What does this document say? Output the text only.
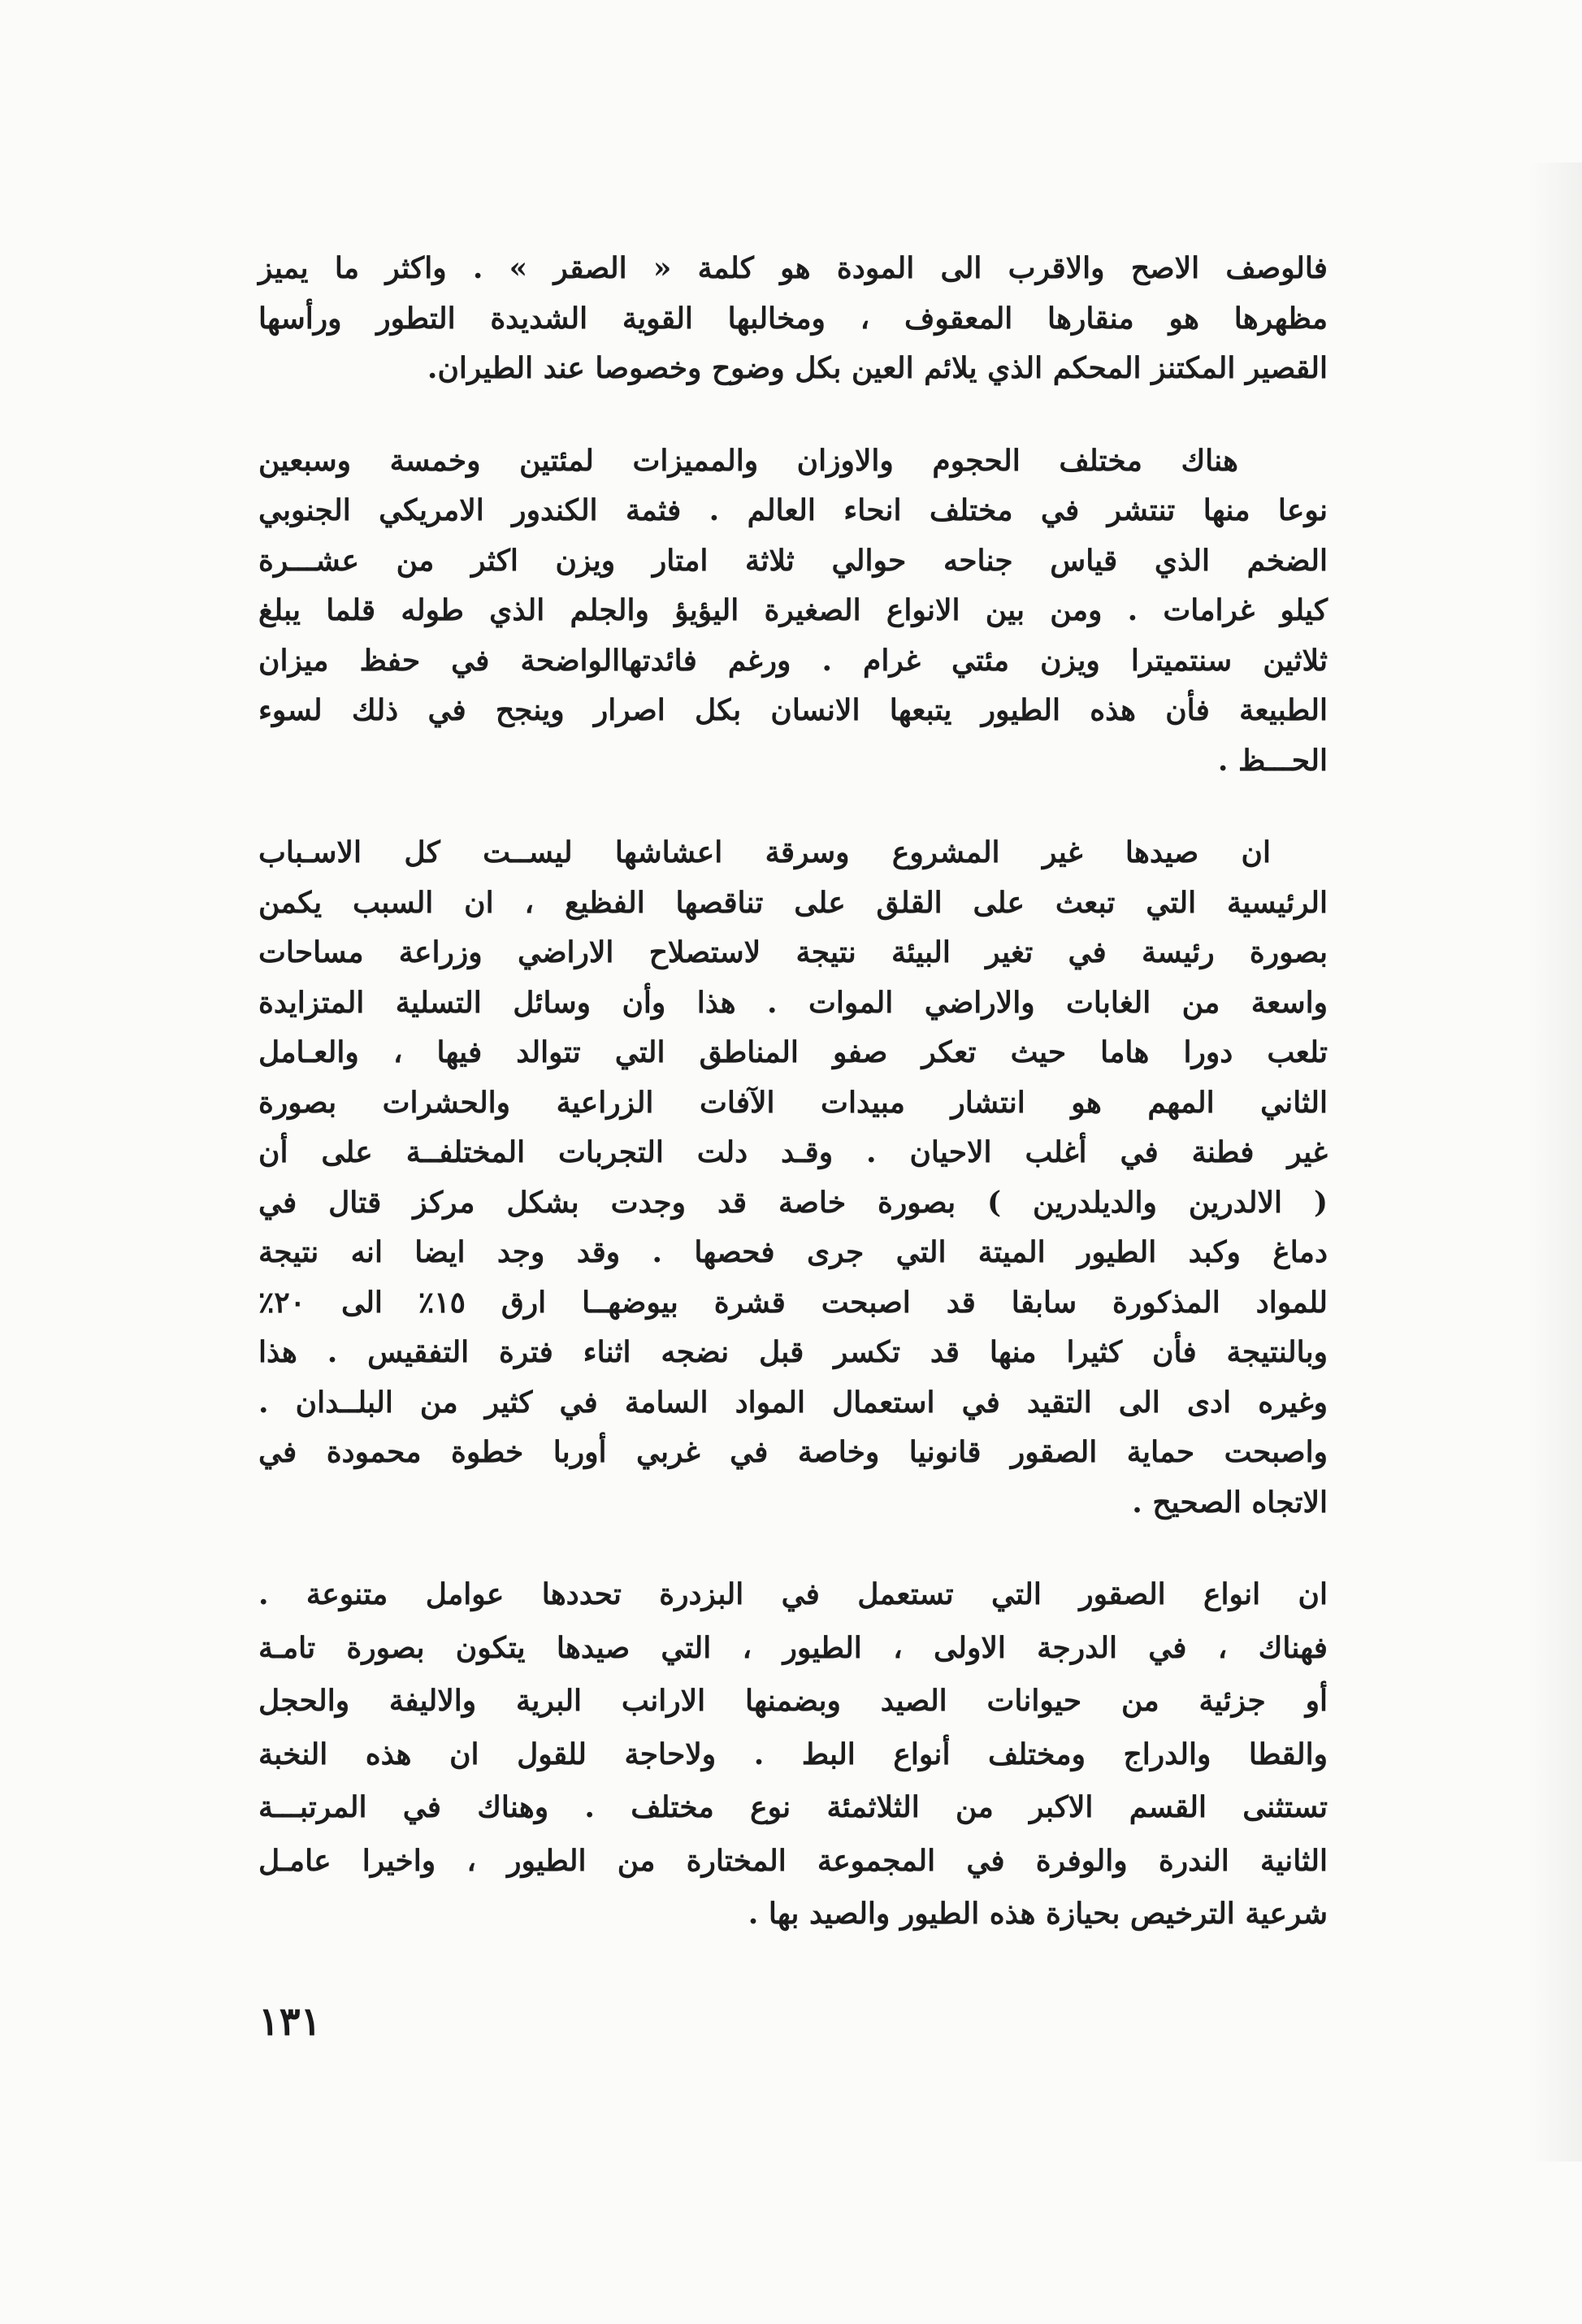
فالوصف الاصح والاقرب الى المودة هو كلمة « الصقر » . واكثر ما يميز
مظهرها هو منقارها المعقوف ، ومخالبها القوية الشديدة التطور ورأسها
القصير المكتنز المحكم الذي يلائم العين بكل وضوح وخصوصا عند الطيران.
هناك مختلف الحجوم والاوزان والمميزات لمئتين وخمسة وسبعين
نوعا منها تنتشر في مختلف انحاء العالم . فثمة الكندور الامريكي الجنوبي
الضخم الذي قياس جناحه حوالي ثلاثة امتار ويزن اكثر من عشـــرة
كيلو غرامات . ومن بين الانواع الصغيرة اليؤيؤ والجلم الذي طوله قلما يبلغ
ثلاثين سنتميترا ويزن مئتي غرام . ورغم فائدتهاالواضحة في حفظ ميزان
الطبيعة فأن هذه الطيور يتبعها الانسان بكل اصرار وينجح في ذلك لسوء
الحـــظ .
ان صيدها غير المشروع وسرقة اعشاشها ليســت كل الاسـباب
الرئيسية التي تبعث على القلق على تناقصها الفظيع ، ان السبب يكمن
بصورة رئيسة في تغير البيئة نتيجة لاستصلاح الاراضي وزراعة مساحات
واسعة من الغابات والاراضي الموات . هذا وأن وسائل التسلية المتزايدة
تلعب دورا هاما حيث تعكر صفو المناطق التي تتوالد فيها ، والعـامل
الثاني المهم هو انتشار مبيدات الآفات الزراعية والحشرات بصورة
غير فطنة في أغلب الاحيان . وقـد دلت التجربات المختلفــة على أن
( الالدرين والديلدرين ) بصورة خاصة قد وجدت بشكل مركز قتال في
دماغ وكبد الطيور الميتة التي جرى فحصها . وقد وجد ايضا انه نتيجة
للمواد المذكورة سابقا قد اصبحت قشرة بيوضهــا ارق ١٥٪ الى ٢٠٪
وبالنتيجة فأن كثيرا منها قد تكسر قبل نضجه اثناء فترة التفقيس . هذا
وغيره ادى الى التقيد في استعمال المواد السامة في كثير من البلــدان .
واصبحت حماية الصقور قانونيا وخاصة في غربي أوربا خطوة محمودة في
الاتجاه الصحيح .
ان انواع الصقور التي تستعمل في البزدرة تحددها عوامل متنوعة .
فهناك ، في الدرجة الاولى ، الطيور ، التي صيدها يتكون بصورة تامـة
أو جزئية من حيوانات الصيد وبضمنها الارانب البرية والاليفة والحجل
والقطا والدراج ومختلف أنواع البط . ولاحاجة للقول ان هذه النخبة
تستثنى القسم الاكبر من الثلاثمئة نوع مختلف . وهناك في المرتبـــة
الثانية الندرة والوفرة في المجموعة المختارة من الطيور ، واخيرا عامـل
شرعية الترخيص بحيازة هذه الطيور والصيد بها .
١٣١
